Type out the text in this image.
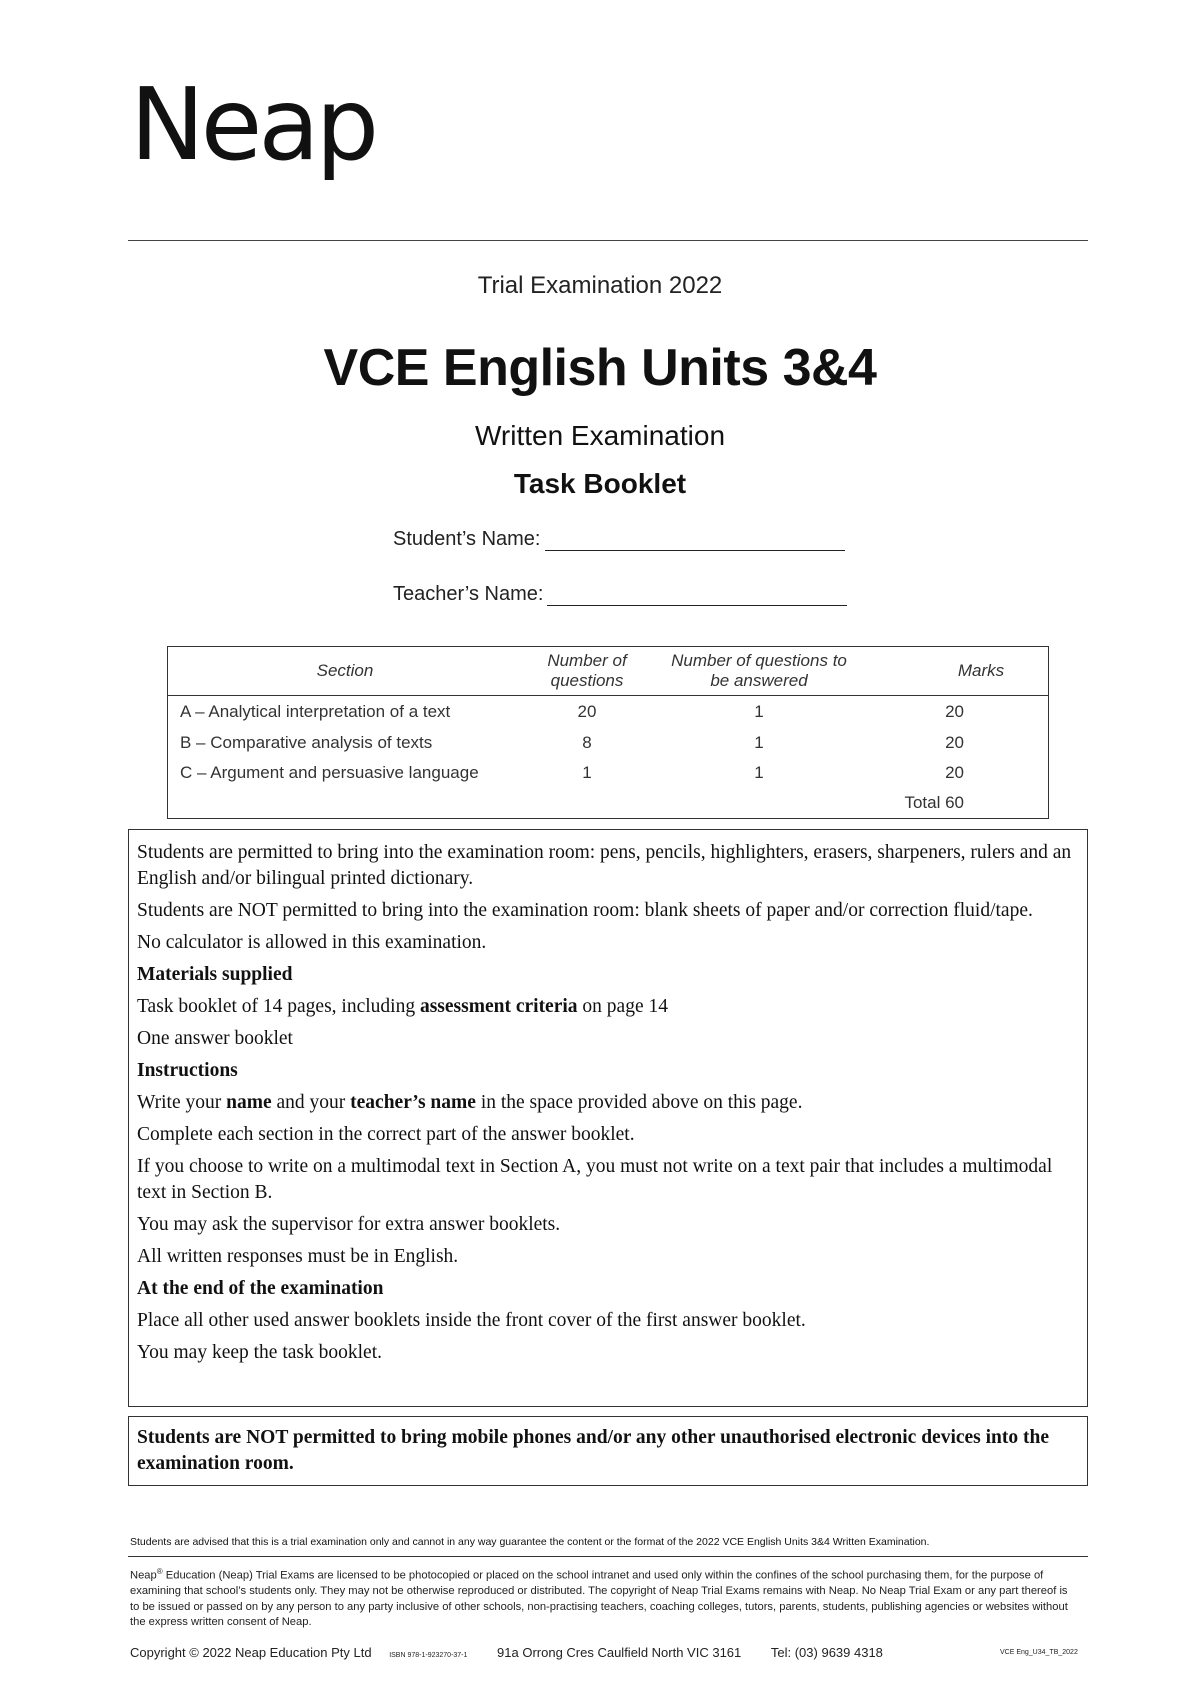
Neap
Trial Examination 2022
VCE English Units 3&4
Written Examination
Task Booklet
Student’s Name:
Teacher’s Name:
Section	Number of questions	Number of questions to be answered	Marks
A – Analytical interpretation of a text	20	1	20
B – Comparative analysis of texts	8	1	20
C – Argument and persuasive language	1	1	20
			Total 60

Students are permitted to bring into the examination room: pens, pencils, highlighters, erasers, sharpeners, rulers and an English and/or bilingual printed dictionary.

Students are NOT permitted to bring into the examination room: blank sheets of paper and/or correction fluid/tape.

No calculator is allowed in this examination.

Materials supplied

Task booklet of 14 pages, including assessment criteria on page 14

One answer booklet

Instructions

Write your name and your teacher’s name in the space provided above on this page.

Complete each section in the correct part of the answer booklet.

If you choose to write on a multimodal text in Section A, you must not write on a text pair that includes a multimodal text in Section B.

You may ask the supervisor for extra answer booklets.

All written responses must be in English.

At the end of the examination

Place all other used answer booklets inside the front cover of the first answer booklet.

You may keep the task booklet.

Students are NOT permitted to bring mobile phones and/or any other unauthorised electronic devices into the examination room.
Students are advised that this is a trial examination only and cannot in any way guarantee the content or the format of the 2022 VCE English Units 3&4 Written Examination.
Neap® Education (Neap) Trial Exams are licensed to be photocopied or placed on the school intranet and used only within the confines of the school purchasing them, for the purpose of examining that school’s students only. They may not be otherwise reproduced or distributed. The copyright of Neap Trial Exams remains with Neap. No Neap Trial Exam or any part thereof is to be issued or passed on by any person to any party inclusive of other schools, non-practising teachers, coaching colleges, tutors, parents, students, publishing agencies or websites without the express written consent of Neap.
Copyright © 2022 Neap Education Pty Ltd	ISBN 978-1-923270-37-1 91a Orrong Cres Caulfield North VIC 3161 Tel: (03) 9639 4318	VCE Eng_U34_TB_2022
